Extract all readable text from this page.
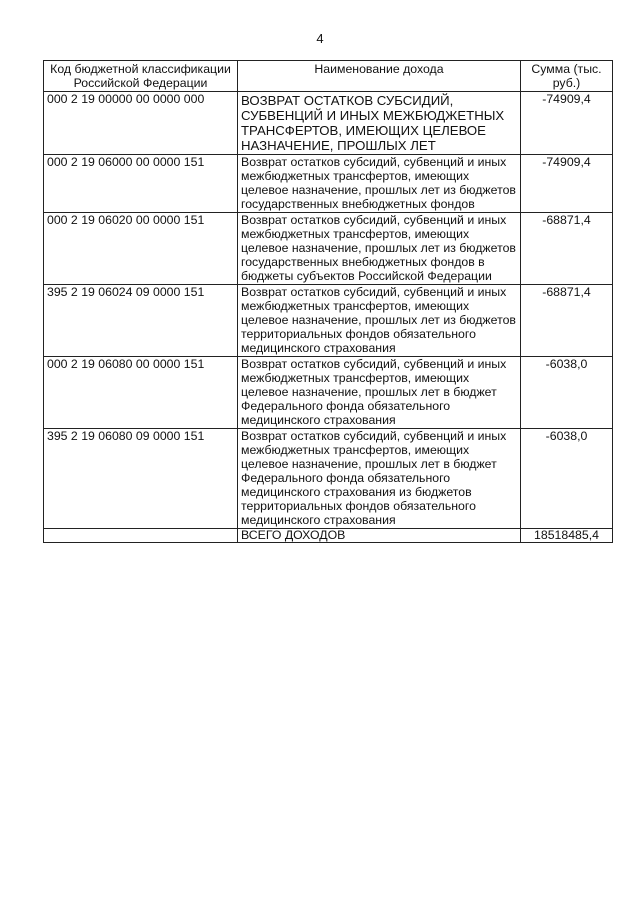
4
Код бюджетной классификации Российской Федерации	Наименование дохода	Сумма (тыс. руб.)
000 2 19 00000 00 0000 000	ВОЗВРАТ ОСТАТКОВ СУБСИДИЙ, СУБВЕНЦИЙ И ИНЫХ МЕЖБЮДЖЕТНЫХ ТРАНСФЕРТОВ, ИМЕЮЩИХ ЦЕЛЕВОЕ НАЗНАЧЕНИЕ, ПРОШЛЫХ ЛЕТ	-74909,4
000 2 19 06000 00 0000 151	Возврат остатков субсидий, субвенций и иных межбюджетных трансфертов, имеющих целевое назначение, прошлых лет из бюджетов государственных внебюджетных фондов	-74909,4
000 2 19 06020 00 0000 151	Возврат остатков субсидий, субвенций и иных межбюджетных трансфертов, имеющих целевое назначение, прошлых лет из бюджетов государственных внебюджетных фондов в бюджеты субъектов Российской Федерации	-68871,4
395 2 19 06024 09 0000 151	Возврат остатков субсидий, субвенций и иных межбюджетных трансфертов, имеющих целевое назначение, прошлых лет из бюджетов территориальных фондов обязательного медицинского страхования	-68871,4
000 2 19 06080 00 0000 151	Возврат остатков субсидий, субвенций и иных межбюджетных трансфертов, имеющих целевое назначение, прошлых лет в бюджет Федерального фонда обязательного медицинского страхования	-6038,0
395 2 19 06080 09 0000 151	Возврат остатков субсидий, субвенций и иных межбюджетных трансфертов, имеющих целевое назначение, прошлых лет в бюджет Федерального фонда обязательного медицинского страхования из бюджетов территориальных фондов обязательного медицинского страхования	-6038,0
	ВСЕГО ДОХОДОВ	18518485,4
